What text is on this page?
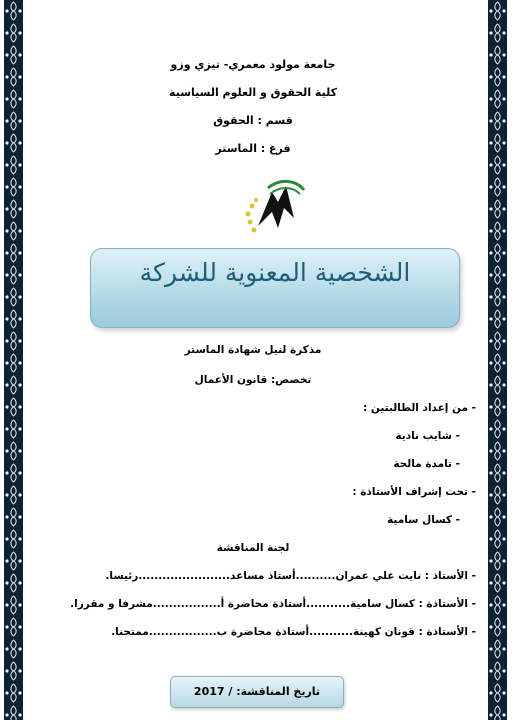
جامعة مولود معمري- تيزي وزو
كلية الحقوق و العلوم السياسية
قسم : الحقوق
فرع : الماستر
الشخصية المعنوية للشركة
مذكرة لنيل شهادة الماستر
تخصص: قانون الأعمال
- من إعداد الطالبتين :
- شايب نادية
- تامدة مالحة
- تحت إشراف الأستاذة :
- كسال سامية
لجنة المناقشة
- الأستاذ : نايت علي عمران..........أستاذ مساعد.......................رئيسا.
- الأستاذة : كسال سامية...........أستاذة محاضرة أ.................مشرفا و مقررا.
- الأستاذة : قونان كهينة...........أستاذة محاضرة ب.................ممتحنا.
تاريخ المناقشة: / 2017
